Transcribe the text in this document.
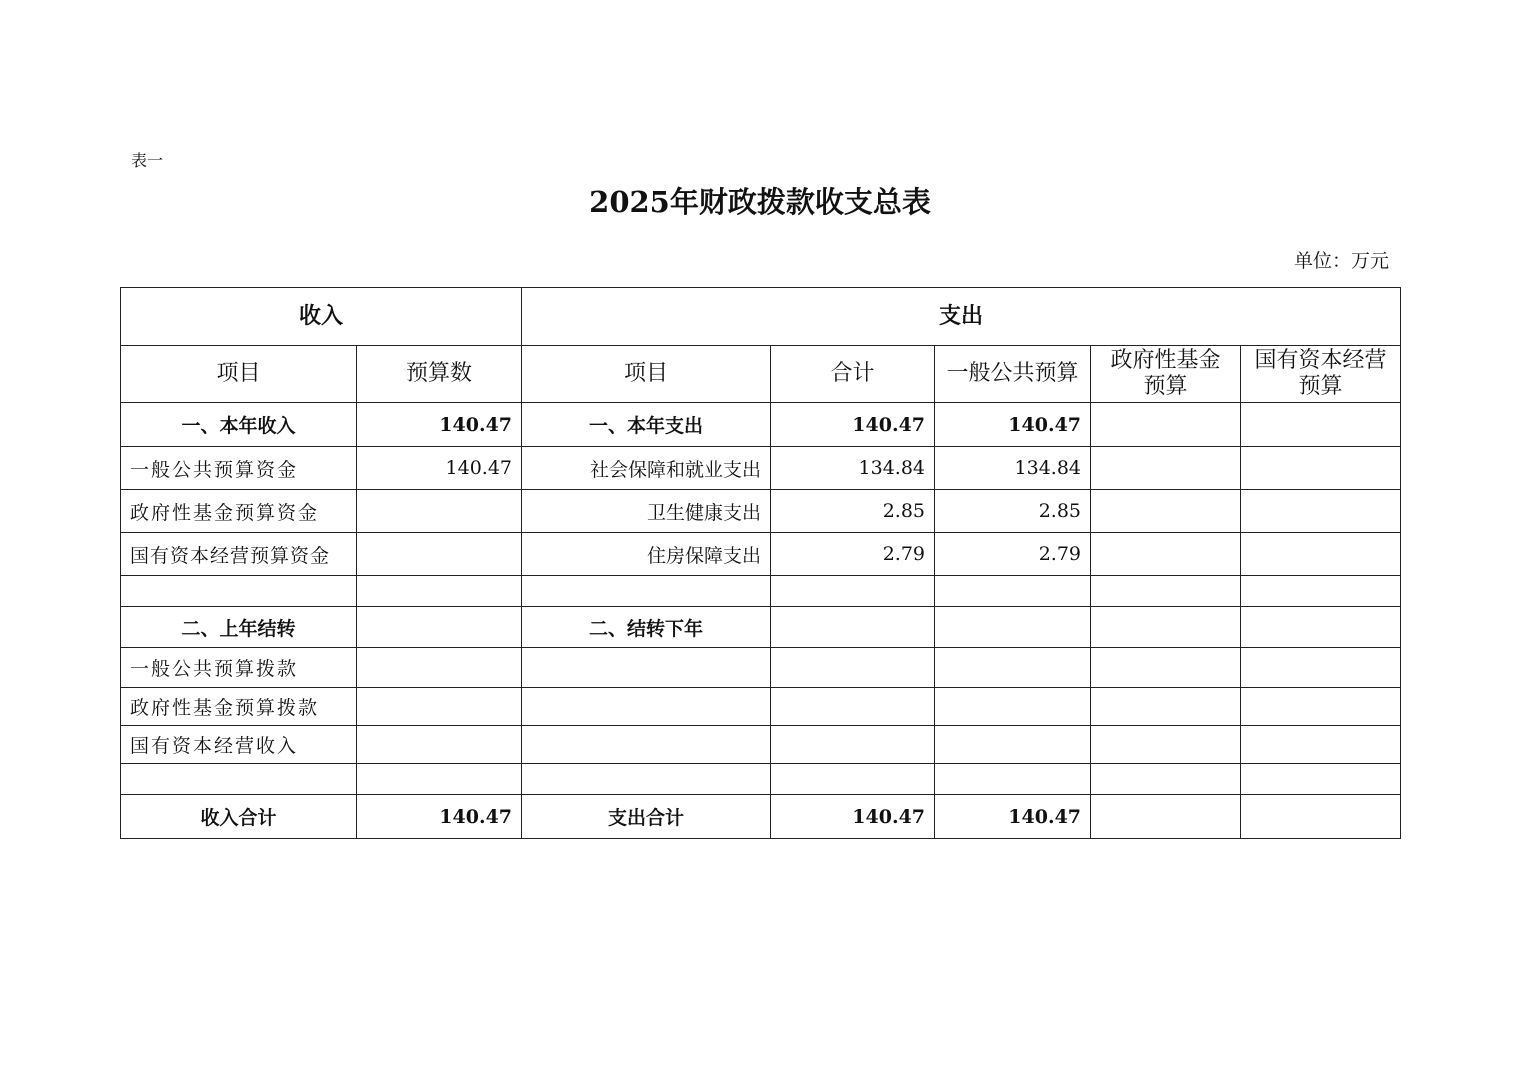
表一
2025年财政拨款收支总表
单位：万元
收入		支出				
项目	预算数	项目	合计	一般公共预算	政府性基金预算	国有资本经营预算
一、本年收入	140.47	一、本年支出	140.47	140.47		
一般公共预算资金	140.47	社会保障和就业支出	134.84	134.84		
政府性基金预算资金		卫生健康支出	2.85	2.85		
国有资本经营预算资金		住房保障支出	2.79	2.79		

二、上年结转		二、结转下年				
一般公共预算拨款						
政府性基金预算拨款						
国有资本经营收入						

收入合计	140.47	支出合计	140.47	140.47		
